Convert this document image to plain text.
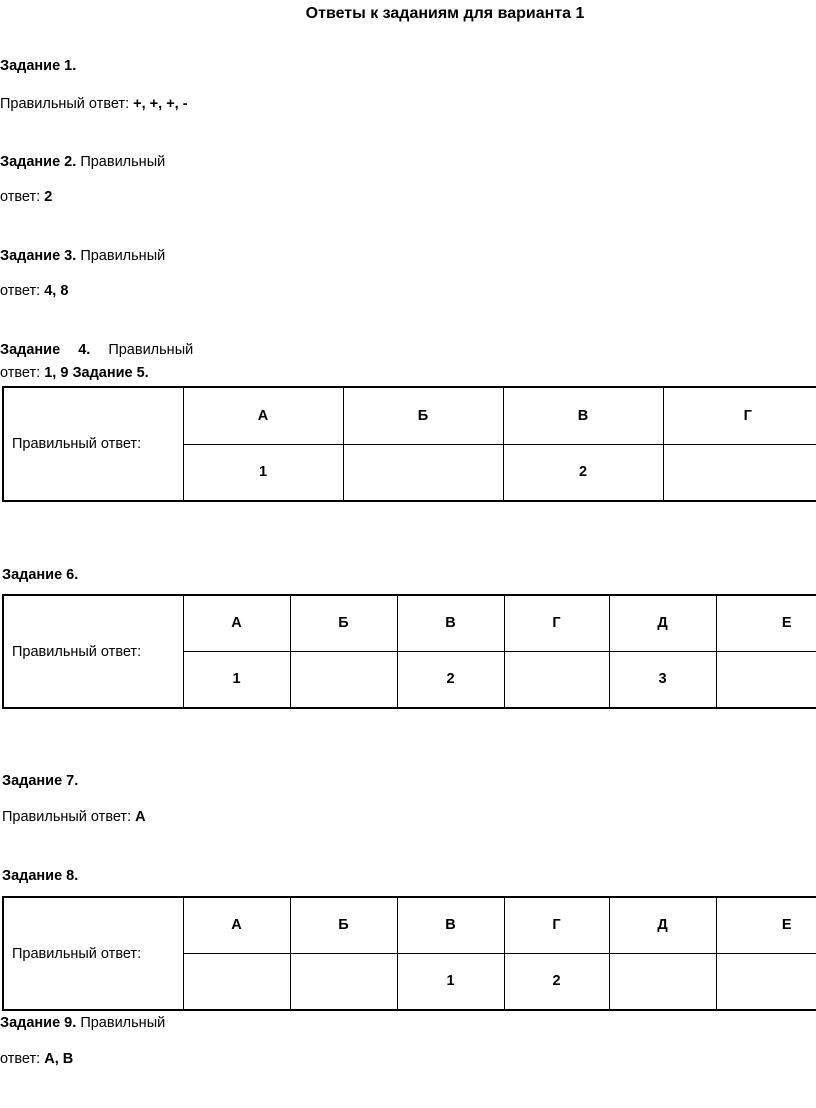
Ответы к заданиям для варианта 1
Задание 1.
Правильный ответ: +, +, +, -
Задание 2. Правильный
ответ: 2
Задание 3. Правильный
ответ: 4, 8
Задание 4. Правильный
ответ: 1, 9 Задание 5.
Правильный ответ:	А	Б	В	Г
	1		2	
Задание 6.
Правильный ответ:	А	Б	В	Г	Д	Е
	1		2		3	
Задание 7.
Правильный ответ: А
Задание 8.
Правильный ответ:	А	Б	В	Г	Д	Е
			1	2		
Задание 9. Правильный
ответ: А, В
